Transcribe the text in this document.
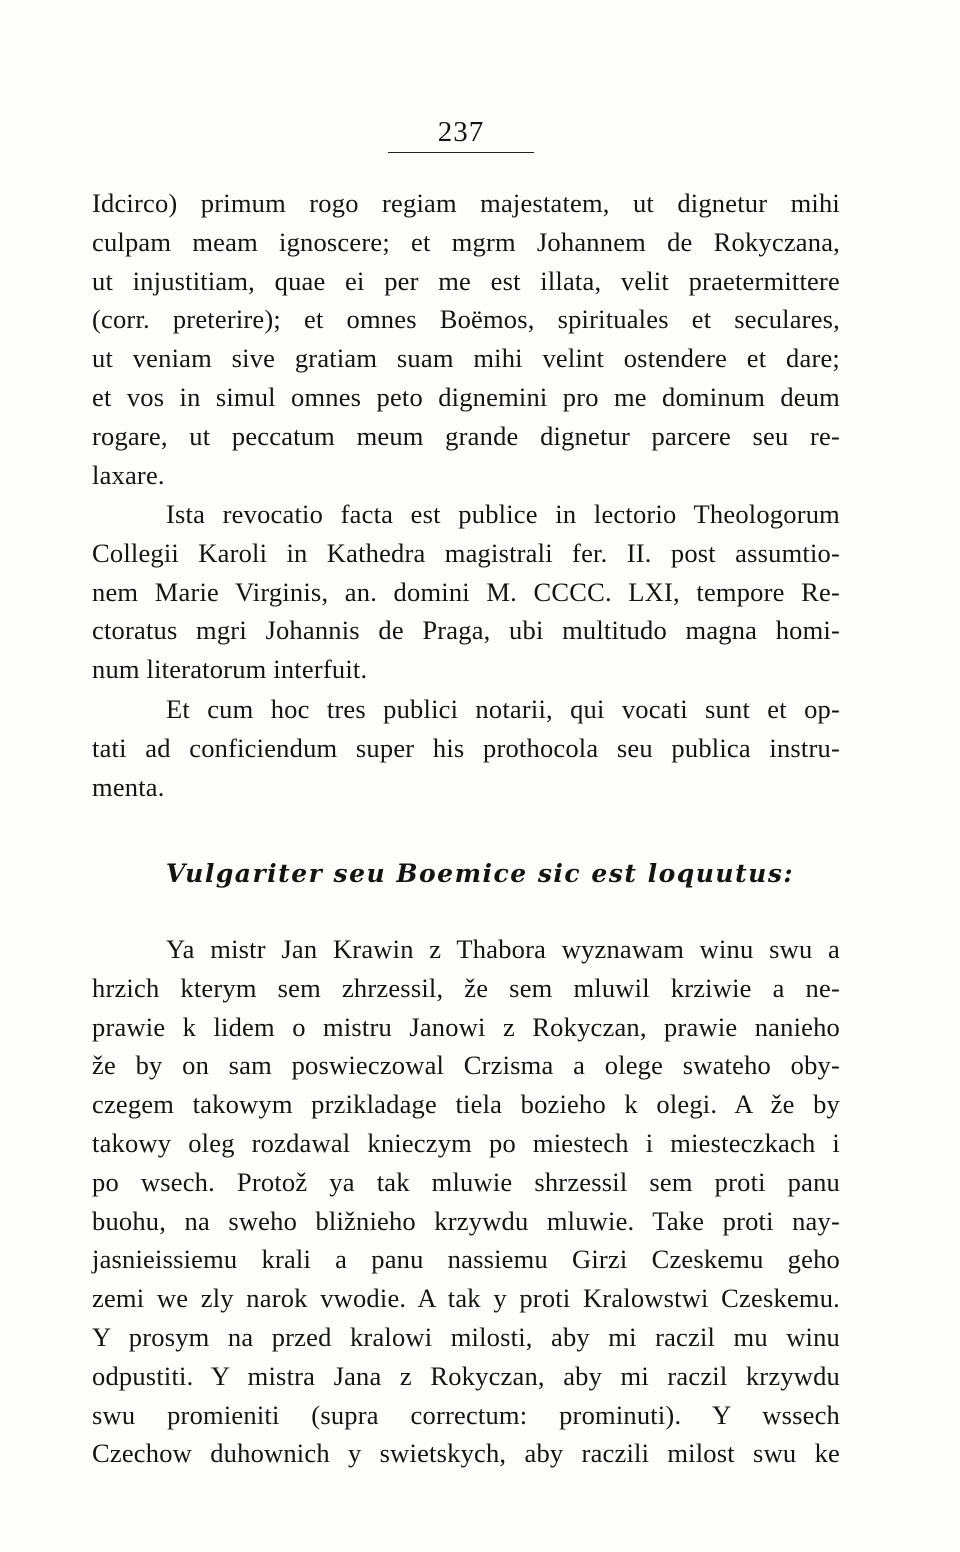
237

Idcirco) primum rogo regiam majestatem, ut dignetur mihi
culpam meam ignoscere; et mgrm Johannem de Rokyczana,
ut injustitiam, quae ei per me est illata, velit praetermittere
(corr. preterire); et omnes Boëmos, spirituales et seculares,
ut veniam sive gratiam suam mihi velint ostendere et dare;
et vos in simul omnes peto dignemini pro me dominum deum
rogare, ut peccatum meum grande dignetur parcere seu re-
laxare.

Ista revocatio facta est publice in lectorio Theologorum
Collegii Karoli in Kathedra magistrali fer. II. post assumtio-
nem Marie Virginis, an. domini M. CCCC. LXI, tempore Re-
ctoratus mgri Johannis de Praga, ubi multitudo magna homi-
num literatorum interfuit.

Et cum hoc tres publici notarii, qui vocati sunt et op-
tati ad conficiendum super his prothocola seu publica instru-
menta.

Vulgariter seu Boemice sic est loquutus:

Ya mistr Jan Krawin z Thabora wyznawam winu swu a
hrzich kterym sem zhrzessil, že sem mluwil krziwie a ne-
prawie k lidem o mistru Janowi z Rokyczan, prawie nanieho
že by on sam poswieczowal Crzisma a olege swateho oby-
czegem takowym przikladage tiela bozieho k olegi. A že by
takowy oleg rozdawal knieczym po miestech i miesteczkach i
po wsech. Protož ya tak mluwie shrzessil sem proti panu
buohu, na sweho bližnieho krzywdu mluwie. Take proti nay-
jasnieissiemu krali a panu nassiemu Girzi Czeskemu geho
zemi we zly narok vwodie. A tak y proti Kralowstwi Czeskemu.
Y prosym na przed kralowi milosti, aby mi raczil mu winu
odpustiti. Y mistra Jana z Rokyczan, aby mi raczil krzywdu
swu promieniti (supra correctum: prominuti). Y wssech
Czechow duhownich y swietskych, aby raczili milost swu ke
